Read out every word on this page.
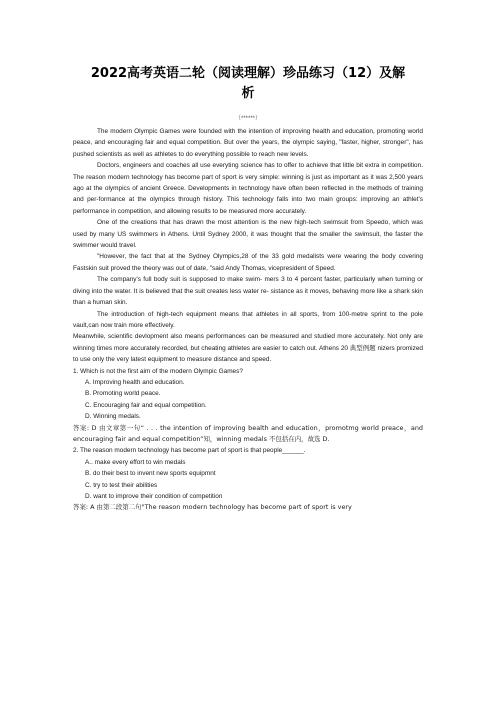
2022高考英语二轮（阅读理解）珍品练习（12）及解
析
（******）

The modern Olympic Games were founded with the intention of improving health and education, promoting world peace, and encouraging fair and equal competition. But over the years, the olympic saying, "faster, higher, stronger", has pushed scientists as well as athletes to do everything possible to reach new levels.

Doctors, engineers and coaches all use everyting science has to offer to achieve that little bit extra in competition. The reason modern technology has become part of sport is very simple: winning is just as important as it was 2,500 years ago at the olympics of ancient Greece. Developments in technology have often been reflected in the methods of training and per-formance at the olympics through history. This technology falls into two main groups: improving an athlet's performance in competition, and allowing results to be measured more accurately.

One of the creations that has drawn the most attention is the new high-tech swimsuit from Speedo, which was used by many US swimmers in Athens. Until Sydney 2000, it was thought that the smaller the swimsuit, the faster the swimmer would travel.

"However, the fact that at the Sydney Olympics,28 of the 33 gold medalists were wearing the body covering Fastskin suit proved the theory was out of date, "said Andy Thomas, vicepresident of Speed.

The company's full body suit is supposed to make swim- mers 3 to 4 percent faster, particularly when turning or diving into the water. It is believed that the suit creates less water re- sistance as it moves, behaving more like a shark skin than a human skin.

The introduction of high-tech equipment means that athletes in all sports, from 100-metre sprint to the pole vault,can now train more effectively.

Meanwhile, scientific devlopment also means performances can be measured and studied more accurately. Not only are winning times more accurately recorded, but cheating athletes are easier to catch out. Athens 20 典型例题 nizers promized to use only the very latest equipment to measure distance and speed.

1. Which is not the first aim of the modern Olympic Games?

A. Improving health and education.

B. Promoting world peace.

C. Encouraging fair and equal competition.

D. Winning medals.

答案: D 由文章第一句“ . . . the intention of improving bealth and education，promotmg world preace，and encouraging fair and equal competition”知，winning medals 不包括在内，故选 D.

2. The reason modern technology has become part of sport is that people______.

A.. make every effort to win medals

B. do their best to invent new sports equipmnt

C. try to test their abilities

D. want to improve their condition of competition

答案: A 由第二段第二句"The reason modern technology has become part of sport is very
